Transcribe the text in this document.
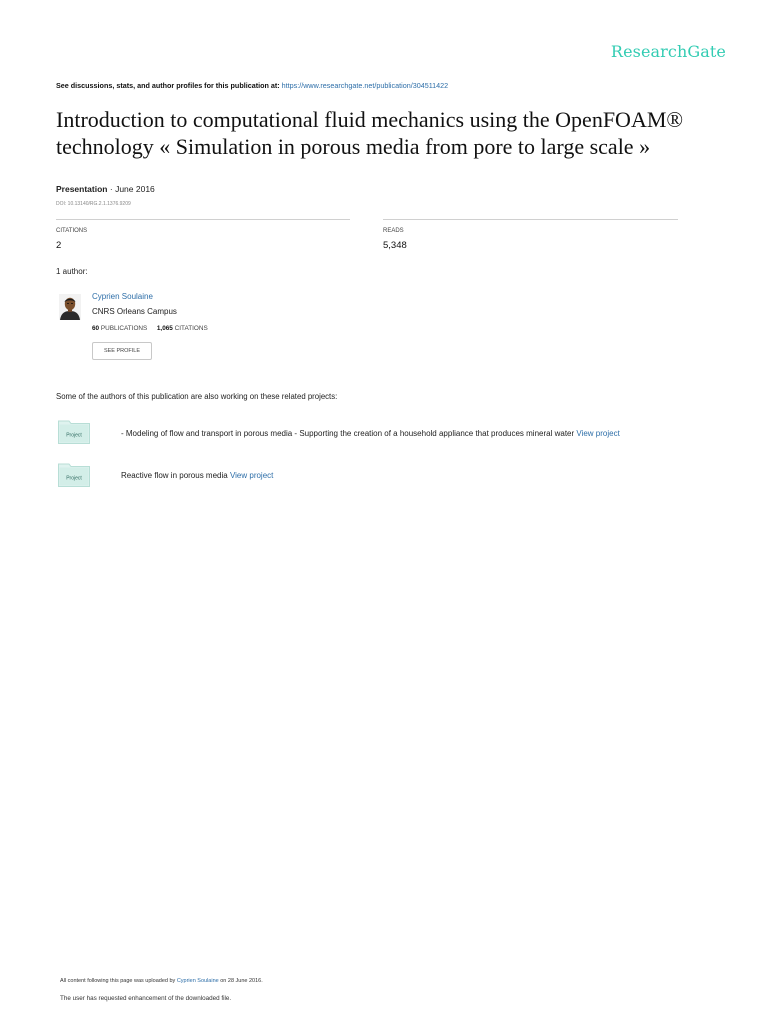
ResearchGate
See discussions, stats, and author profiles for this publication at: https://www.researchgate.net/publication/304511422
Introduction to computational fluid mechanics using the OpenFOAM®
technology « Simulation in porous media from pore to large scale »
Presentation · June 2016
DOI: 10.13140/RG.2.1.1376.9209
CITATIONS
2
READS
5,348
1 author:
Cyprien Soulaine
CNRS Orleans Campus
60 PUBLICATIONS 1,065 CITATIONS
SEE PROFILE
Some of the authors of this publication are also working on these related projects:
Project	- Modeling of flow and transport in porous media - Supporting the creation of a household appliance that produces mineral water View project
Project	Reactive flow in porous media View project
All content following this page was uploaded by Cyprien Soulaine on 28 June 2016.
The user has requested enhancement of the downloaded file.
